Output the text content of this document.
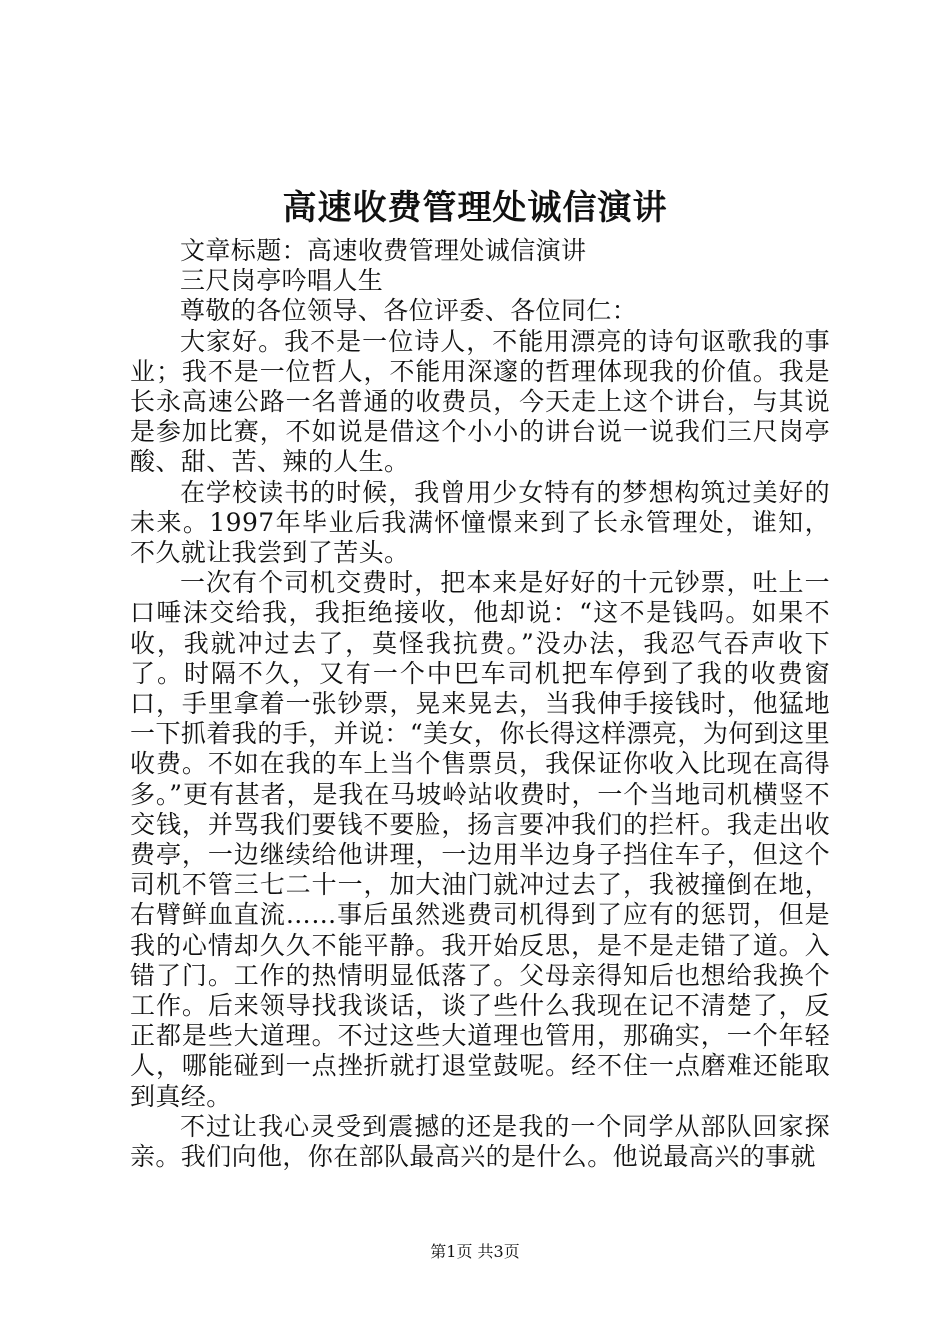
高速收费管理处诚信演讲

文章标题：高速收费管理处诚信演讲

三尺岗亭吟唱人生

尊敬的各位领导、各位评委、各位同仁：

大家好。我不是一位诗人，不能用漂亮的诗句讴歌我的事业；我不是一位哲人，不能用深邃的哲理体现我的价值。我是长永高速公路一名普通的收费员，今天走上这个讲台，与其说是参加比赛，不如说是借这个小小的讲台说一说我们三尺岗亭酸、甜、苦、辣的人生。

在学校读书的时候，我曾用少女特有的梦想构筑过美好的未来。1997年毕业后我满怀憧憬来到了长永管理处，谁知，不久就让我尝到了苦头。

一次有个司机交费时，把本来是好好的十元钞票，吐上一口唾沫交给我，我拒绝接收，他却说：“这不是钱吗。如果不收，我就冲过去了，莫怪我抗费。”没办法，我忍气吞声收下了。时隔不久，又有一个中巴车司机把车停到了我的收费窗口，手里拿着一张钞票，晃来晃去，当我伸手接钱时，他猛地一下抓着我的手，并说：“美女，你长得这样漂亮，为何到这里收费。不如在我的车上当个售票员，我保证你收入比现在高得多。”更有甚者，是我在马坡岭站收费时，一个当地司机横竖不交钱，并骂我们要钱不要脸，扬言要冲我们的拦杆。我走出收费亭，一边继续给他讲理，一边用半边身子挡住车子，但这个司机不管三七二十一，加大油门就冲过去了，我被撞倒在地，右臂鲜血直流……事后虽然逃费司机得到了应有的惩罚，但是我的心情却久久不能平静。我开始反思，是不是走错了道。入错了门。工作的热情明显低落了。父母亲得知后也想给我换个工作。后来领导找我谈话，谈了些什么我现在记不清楚了，反正都是些大道理。不过这些大道理也管用，那确实，一个年轻人，哪能碰到一点挫折就打退堂鼓呢。经不住一点磨难还能取到真经。

不过让我心灵受到震撼的还是我的一个同学从部队回家探亲。我们向他，你在部队最高兴的是什么。他说最高兴的事就

第1页 共3页
